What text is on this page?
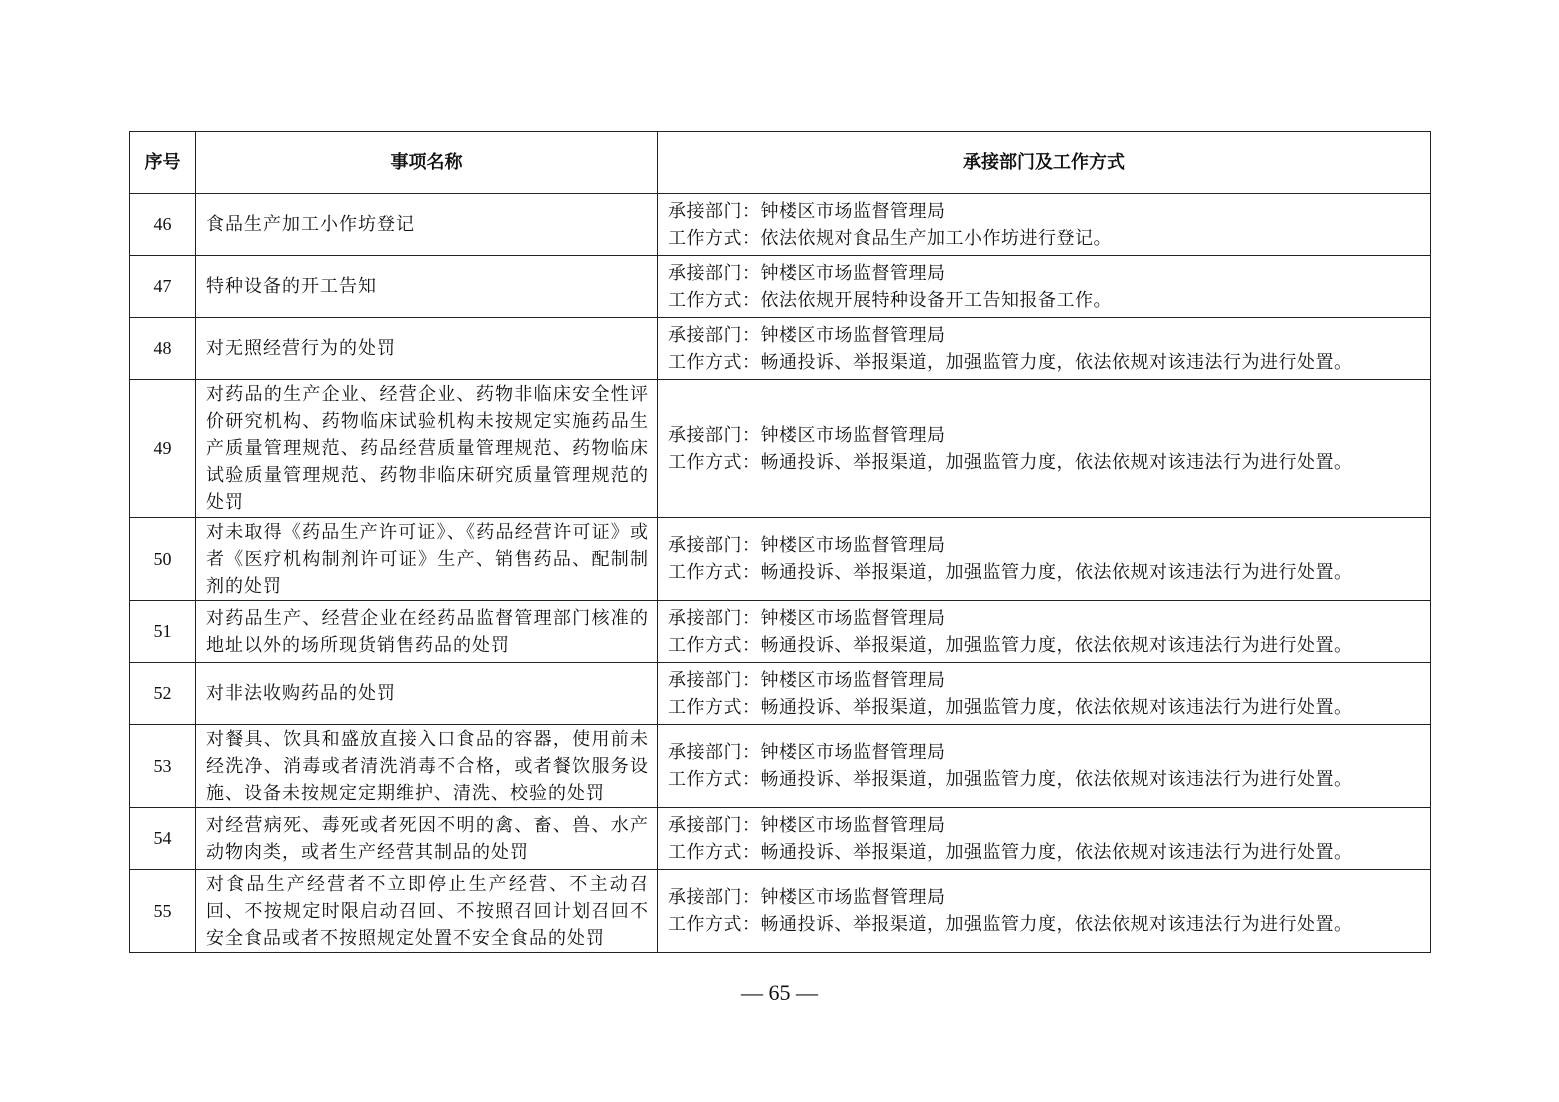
序号	事项名称	承接部门及工作方式
46	食品生产加工小作坊登记	承接部门：钟楼区市场监督管理局
工作方式：依法依规对食品生产加工小作坊进行登记。

47	特种设备的开工告知	承接部门：钟楼区市场监督管理局
工作方式：依法依规开展特种设备开工告知报备工作。

48	对无照经营行为的处罚	承接部门：钟楼区市场监督管理局
工作方式：畅通投诉、举报渠道，加强监管力度，依法依规对该违法行为进行处置。

49	对药品的生产企业、经营企业、药物非临床安全性评价研究机构、药物临床试验机构未按规定实施药品生产质量管理规范、药品经营质量管理规范、药物临床试验质量管理规范、药物非临床研究质量管理规范的处罚	承接部门：钟楼区市场监督管理局
工作方式：畅通投诉、举报渠道，加强监管力度，依法依规对该违法行为进行处置。

50	对未取得《药品生产许可证》、《药品经营许可证》或者《医疗机构制剂许可证》生产、销售药品、配制制剂的处罚	承接部门：钟楼区市场监督管理局
工作方式：畅通投诉、举报渠道，加强监管力度，依法依规对该违法行为进行处置。

51	对药品生产、经营企业在经药品监督管理部门核准的地址以外的场所现货销售药品的处罚	承接部门：钟楼区市场监督管理局
工作方式：畅通投诉、举报渠道，加强监管力度，依法依规对该违法行为进行处置。

52	对非法收购药品的处罚	承接部门：钟楼区市场监督管理局
工作方式：畅通投诉、举报渠道，加强监管力度，依法依规对该违法行为进行处置。

53	对餐具、饮具和盛放直接入口食品的容器，使用前未经洗净、消毒或者清洗消毒不合格，或者餐饮服务设施、设备未按规定定期维护、清洗、校验的处罚	承接部门：钟楼区市场监督管理局
工作方式：畅通投诉、举报渠道，加强监管力度，依法依规对该违法行为进行处置。

54	对经营病死、毒死或者死因不明的禽、畜、兽、水产动物肉类，或者生产经营其制品的处罚	承接部门：钟楼区市场监督管理局
工作方式：畅通投诉、举报渠道，加强监管力度，依法依规对该违法行为进行处置。

55	对食品生产经营者不立即停止生产经营、不主动召回、不按规定时限启动召回、不按照召回计划召回不安全食品或者不按照规定处置不安全食品的处罚	承接部门：钟楼区市场监督管理局
工作方式：畅通投诉、举报渠道，加强监管力度，依法依规对该违法行为进行处置。
— 65 —
